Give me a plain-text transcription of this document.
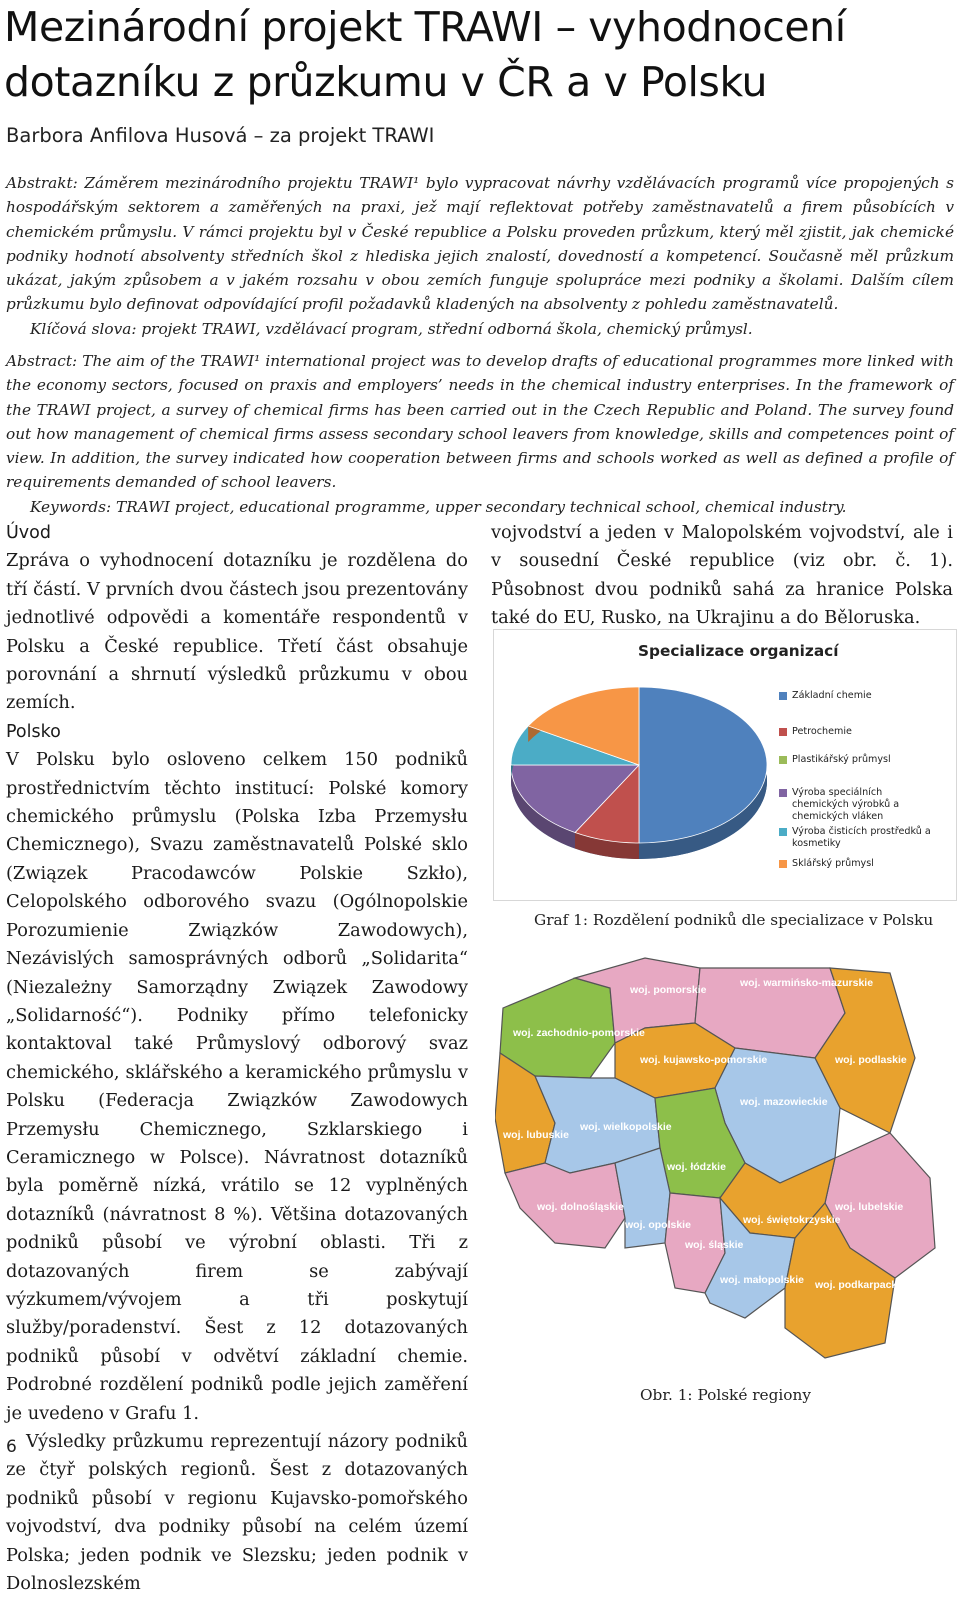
Mezinárodní projekt TRAWI – vyhodnocení
dotazníku z průzkumu v ČR a v Polsku
Barbora Anfilova Husová – za projekt TRAWI

Abstrakt: Záměrem mezinárodního projektu TRAWI¹ bylo vypracovat návrhy vzdělávacích programů více propojených s hospodářským sektorem a zaměřených na praxi, jež mají reflektovat potřeby zaměstnavatelů a firem působících v chemickém průmyslu. V rámci projektu byl v České republice a Polsku proveden průzkum, který měl zjistit, jak chemické podniky hodnotí absolventy středních škol z hlediska jejich znalostí, dovedností a kompetencí. Současně měl průzkum ukázat, jakým způsobem a v jakém rozsahu v obou zemích funguje spolupráce mezi podniky a školami. Dalším cílem průzkumu bylo definovat odpovídající profil požadavků kladených na absolventy z pohledu zaměstnavatelů.

Klíčová slova: projekt TRAWI, vzdělávací program, střední odborná škola, chemický průmysl.

Abstract: The aim of the TRAWI¹ international project was to develop drafts of educational programmes more linked with the economy sectors, focused on praxis and employers’ needs in the chemical industry enterprises. In the framework of the TRAWI project, a survey of chemical firms has been carried out in the Czech Republic and Poland. The survey found out how management of chemical firms assess secondary school leavers from knowledge, skills and competences point of view. In addition, the survey indicated how cooperation between firms and schools worked as well as defined a profile of requirements demanded of school leavers.

Keywords: TRAWI project, educational programme, upper secondary technical school, chemical industry.

Úvod

Zpráva o vyhodnocení dotazníku je rozdělena do tří částí. V prvních dvou částech jsou prezentovány jednotlivé odpovědi a komentáře respondentů v Polsku a České republice. Třetí část obsahuje porovnání a shrnutí výsledků průzkumu v obou zemích.

Polsko

V Polsku bylo osloveno celkem 150 podniků prostřednictvím těchto institucí: Polské komory chemického průmyslu (Polska Izba Przemysłu Chemicznego), Svazu zaměstnavatelů Polské sklo (Związek Pracodawców Polskie Szkło), Celopolského odborového svazu (Ogólnopolskie Porozumienie Związków Zawodowych), Nezávislých samosprávných odborů „Solidarita“ (Niezależny Samorządny Związek Zawodowy „Solidarność“). Podniky přímo telefonicky kontaktoval také Průmyslový odborový svaz chemického, sklářského a keramického průmyslu v Polsku (Federacja Związków Zawodowych Przemysłu Chemicznego, Szklarskiego i Ceramicznego w Polsce). Návratnost dotazníků byla poměrně nízká, vrátilo se 12 vyplněných dotazníků (návratnost 8 %). Většina dotazovaných podniků působí ve výrobní oblasti. Tři z dotazovaných firem se zabývají výzkumem/vývojem a tři poskytují služby/poradenství. Šest z 12 dotazovaných podniků působí v odvětví základní chemie. Podrobné rozdělení podniků podle jejich zaměření je uvedeno v Grafu 1.

Výsledky průzkumu reprezentují názory podniků ze čtyř polských regionů. Šest z dotazovaných podniků působí v regionu Kujavsko-pomořského vojvodství, dva podniky působí na celém území Polska; jeden podnik ve Slezsku; jeden podnik v Dolnoslezském

vojvodství a jeden v Malopolském vojvodství, ale i v sousední České republice (viz obr. č. 1). Působnost dvou podniků sahá za hranice Polska také do EU, Rusko, na Ukrajinu a do Běloruska.

Specializace organizací
Základní chemie
Petrochemie
Plastikářský průmysl
Výroba speciálních chemických výrobků a chemických vláken
Výroba čisticích prostředků a kosmetiky
Sklářský průmysl
Graf 1: Rozdělení podniků dle specializace v Polsku
woj. pomorskie
woj. warmińsko-mazurskie
woj. zachodnio-pomorskie
woj. kujawsko-pomorskie	woj. podlaskie
woj. mazowieckie
woj. lubuskie
woj. wielkopolskie
woj. łódzkie
woj. dolnośląskie	woj. lubelskie
woj. opolskie	woj. świętokrzyskie
woj. śląskie
woj. małopolskie woj. podkarpackie
Obr. 1: Polské regiony
6
